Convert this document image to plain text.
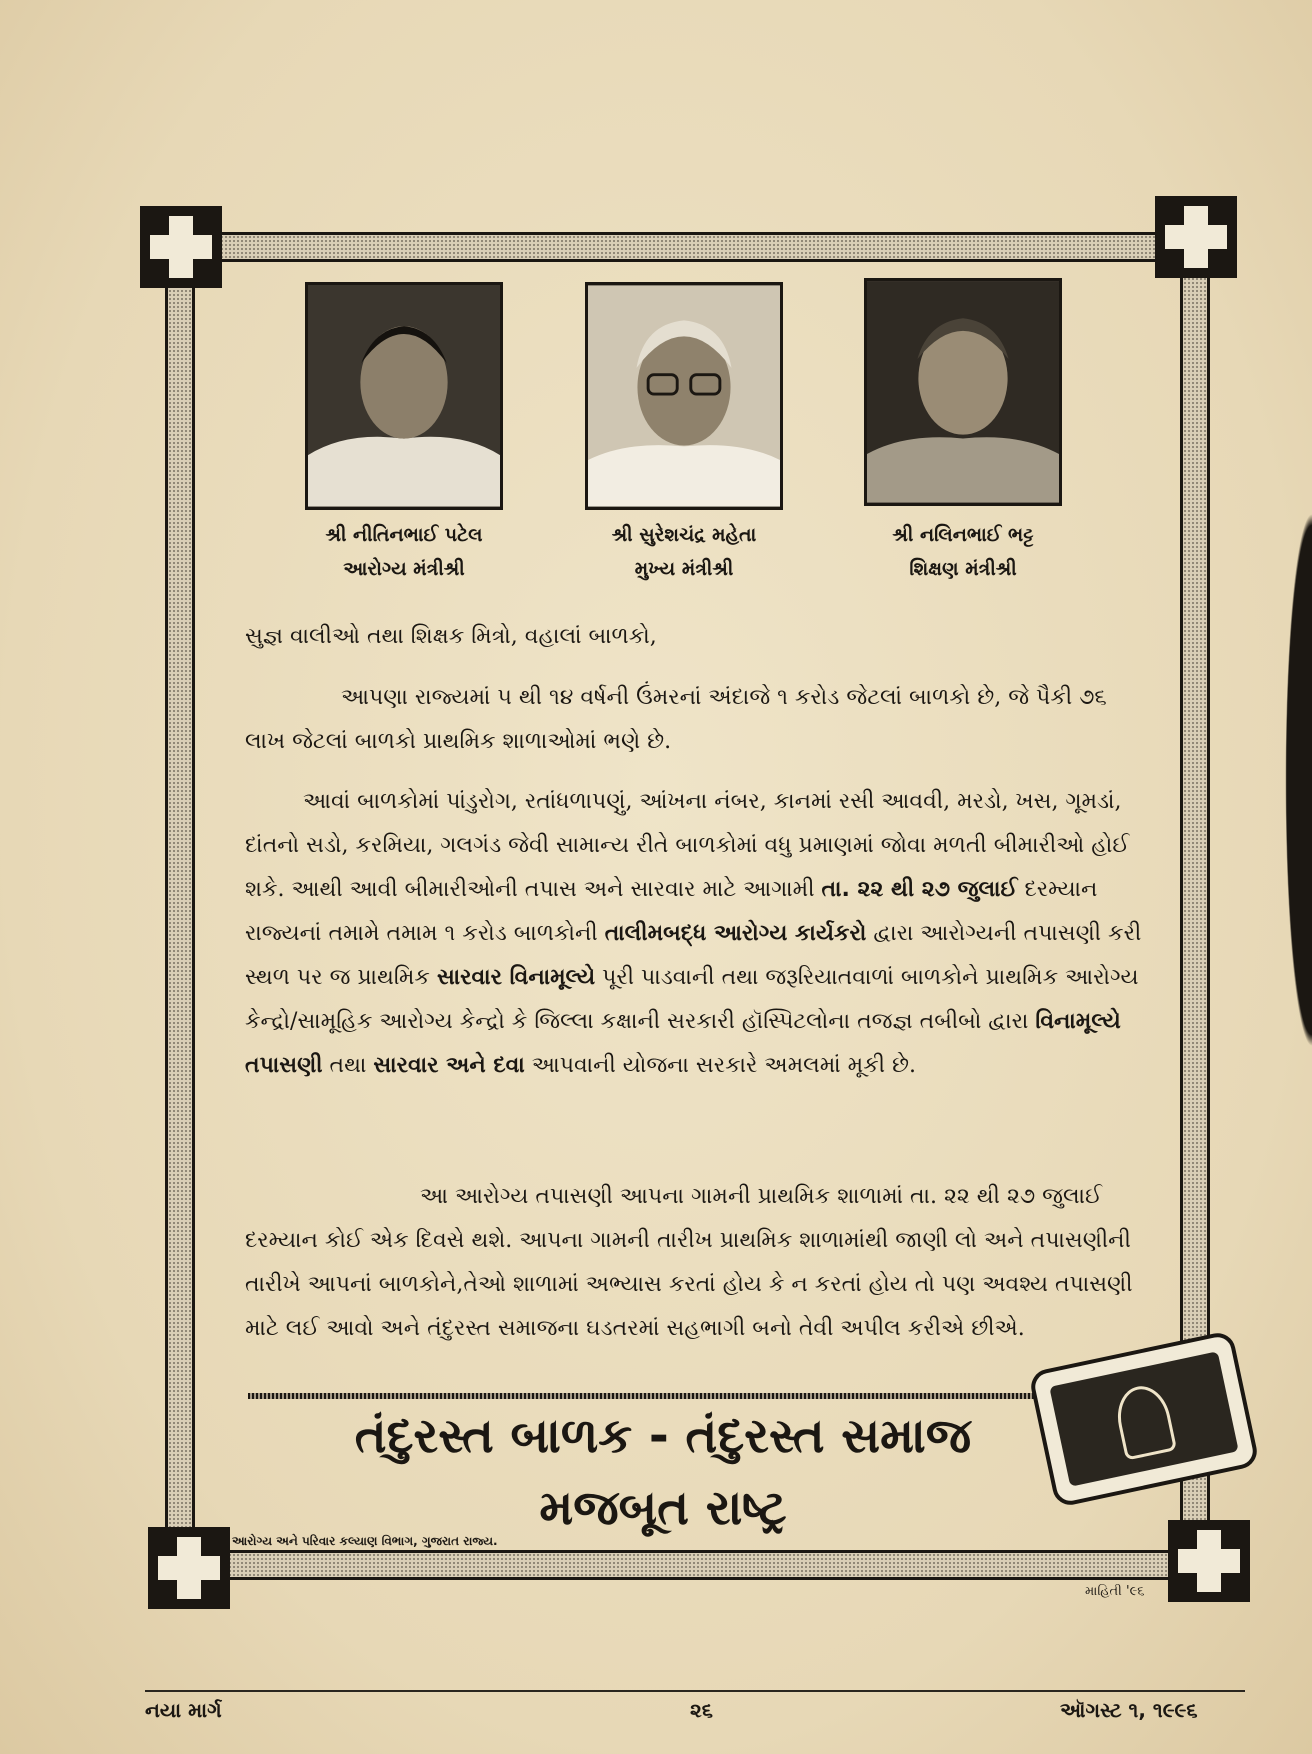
શ્રી નીતિનભાઈ પટેલ
આરોગ્ય મંત્રીશ્રી
શ્રી સુરેશચંદ્ર મહેતા
મુખ્ય મંત્રીશ્રી
શ્રી નલિનભાઈ ભટ્ટ
શિક્ષણ મંત્રીશ્રી
સુજ્ઞ વાલીઓ તથા શિક્ષક મિત્રો, વહાલાં બાળકો,
આપણા રાજ્યમાં ૫ થી ૧૪ વર્ષની ઉંમરનાં અંદાજે ૧ કરોડ જેટલાં બાળકો છે, જે પૈકી ૭૬ લાખ જેટલાં બાળકો પ્રાથમિક શાળાઓમાં ભણે છે.
આવાં બાળકોમાં પાંડુરોગ, રતાંધળાપણું, આંખના નંબર, કાનમાં રસી આવવી, મરડો, ખસ, ગૂમડાં, દાંતનો સડો, કરમિયા, ગલગંડ જેવી સામાન્ય રીતે બાળકોમાં વધુ પ્રમાણમાં જોવા મળતી બીમારીઓ હોઈ શકે. આથી આવી બીમારીઓની તપાસ અને સારવાર માટે આગામી તા. ૨૨ થી ૨૭ જુલાઈ દરમ્યાન રાજ્યનાં તમામે તમામ ૧ કરોડ બાળકોની તાલીમબદ્ધ આરોગ્ય કાર્યકરો દ્વારા આરોગ્યની તપાસણી કરી સ્થળ પર જ પ્રાથમિક સારવાર વિનામૂલ્યે પૂરી પાડવાની તથા જરૂરિયાતવાળાં બાળકોને પ્રાથમિક આરોગ્ય કેન્દ્રો/સામૂહિક આરોગ્ય કેન્દ્રો કે જિલ્લા કક્ષાની સરકારી હૉસ્પિટલોના તજજ્ઞ તબીબો દ્વારા વિનામૂલ્યે તપાસણી તથા સારવાર અને દવા આપવાની યોજના સરકારે અમલમાં મૂકી છે.
આ આરોગ્ય તપાસણી આપના ગામની પ્રાથમિક શાળામાં તા. ૨૨ થી ૨૭ જુલાઈ દરમ્યાન કોઈ એક દિવસે થશે. આપના ગામની તારીખ પ્રાથમિક શાળામાંથી જાણી લો અને તપાસણીની તારીખે આપનાં બાળકોને,તેઓ શાળામાં અભ્યાસ કરતાં હોય કે ન કરતાં હોય તો પણ અવશ્ય તપાસણી માટે લઈ આવો અને તંદુરસ્ત સમાજના ઘડતરમાં સહભાગી બનો તેવી અપીલ કરીએ છીએ.
તંદુરસ્ત બાળક - તંદુરસ્ત સમાજ
મજબૂત રાષ્ટ્ર
આરોગ્ય અને પરિવાર કલ્યાણ વિભાગ, ગુજરાત રાજ્ય.
માહિતી '૯૬
નયા માર્ગ	૨૬	ઑગસ્ટ ૧, ૧૯૯૬
